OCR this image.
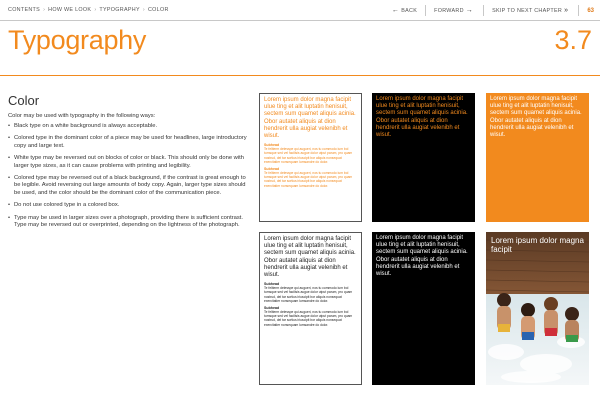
CONTENTS › HOW WE LOOK › TYPOGRAPHY › COLOR	← BACK	FORWARD →	SKIP TO NEXT CHAPTER »	63
Typography	3.7
Color
Color may be used with typography in the following ways:
• Black type on a white background is always acceptable.
• Colored type in the dominant color of a piece may be used for headlines, large introductory copy and large text.
• White type may be reversed out on blocks of color or black. This should only be done with larger type sizes, as it can cause problems with printing and legibility.
• Colored type may be reversed out of a black background, if the contrast is great enough to be legible. Avoid reversing out large amounts of body copy. Again, larger type sizes should be used, and the color should be the dominant color of the communication piece.
• Do not use colored type in a colored box.
• Type may be used in larger sizes over a photograph, providing there is sufficient contrast. Type may be reversed out or overprinted, depending on the lightness of the photograph.
Lorem ipsum dolor magna facipit ulue ting et alit luptatin henisuit, sectem sum quamet aliquis acinia. Obor autatet aliquis at dion hendrerit ulla augiat velenibh et wisut.
Subhead
Te feliterm delesspe qui augueri, nos tu commodo ium bol tumsque sed vel facilisis augue dolor utput parum, pro quam nostrud, del tar sortius iriuscipit bor aliquis nonsequat exercitatier nonsequam lumsandre do dolor.
Subhead
Te feliterm delesspe qui augueri, nos tu commodo ium bol tumsque sed vel facilisis augue dolor utput parum, pro quam nostrud, del tar sortius iriuscipit bor aliquis nonsequat exercitatier nonsequam lumsandre do dolor.
Lorem ipsum dolor magna facipit ulue ting et alit luptatin henisuit, sectem sum quamet aliquis acinia. Obor autatet aliquis at dion hendrerit ulla augiat velenibh et wisut.
Lorem ipsum dolor magna facipit ulue ting et alit luptatin henisuit, sectem sum quamet aliquis acinia. Obor autatet aliquis at dion hendrerit ulla augiat velenibh et wisut.
Lorem ipsum dolor magna facipit ulue ting et alit luptatin henisuit, sectem sum quamet aliquis acinia. Obor autatet aliquis at dion hendrerit ulla augiat velenibh et wisut.
Subhead
Te feliterm delesspe qui augueri, nos tu commodo ium bol tumsque sed vel facilisis augue dolor utput parum, pro quam nostrud, del tar sortius iriuscipit bor aliquis nonsequat exercitatier nonsequam lumsandre do dolor.
Subhead
Te feliterm delesspe qui augueri, nos tu commodo ium bol tumsque sed vel facilisis augue dolor utput parum, pro quam nostrud, del tar sortius iriuscipit bor aliquis nonsequat exercitatier nonsequam lumsandre do dolor.
Lorem ipsum dolor magna facipit ulue ting et alit luptatin henisuit, sectem sum quamet aliquis acinia. Obor autatet aliquis at dion hendrerit ulla augiat velenibh et wisut.
Lorem ipsum dolor magna facipit
